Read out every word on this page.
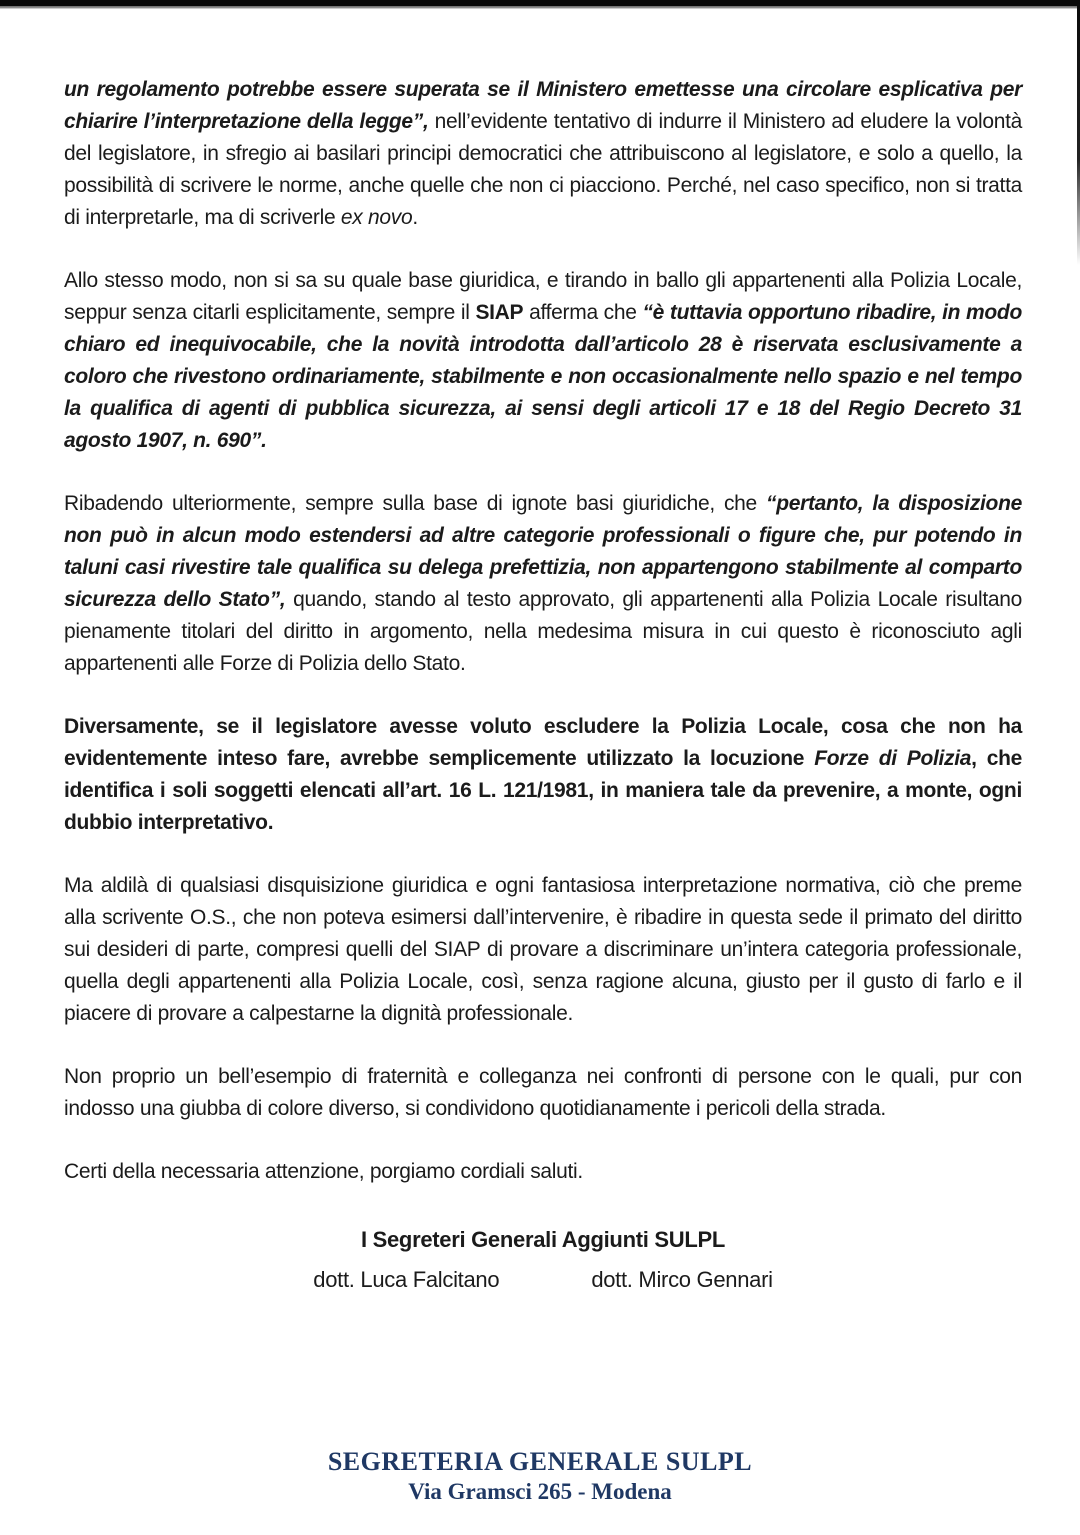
un regolamento potrebbe essere superata se il Ministero emettesse una circolare esplicativa per chiarire l’interpretazione della legge”, nell’evidente tentativo di indurre il Ministero ad eludere la volontà del legislatore, in sfregio ai basilari principi democratici che attribuiscono al legislatore, e solo a quello, la possibilità di scrivere le norme, anche quelle che non ci piacciono. Perché, nel caso specifico, non si tratta di interpretarle, ma di scriverle ex novo.

Allo stesso modo, non si sa su quale base giuridica, e tirando in ballo gli appartenenti alla Polizia Locale, seppur senza citarli esplicitamente, sempre il SIAP afferma che “è tuttavia opportuno ribadire, in modo chiaro ed inequivocabile, che la novità introdotta dall’articolo 28 è riservata esclusivamente a coloro che rivestono ordinariamente, stabilmente e non occasionalmente nello spazio e nel tempo la qualifica di agenti di pubblica sicurezza, ai sensi degli articoli 17 e 18 del Regio Decreto 31 agosto 1907, n. 690”.

Ribadendo ulteriormente, sempre sulla base di ignote basi giuridiche, che “pertanto, la disposizione non può in alcun modo estendersi ad altre categorie professionali o figure che, pur potendo in taluni casi rivestire tale qualifica su delega prefettizia, non appartengono stabilmente al comparto sicurezza dello Stato”, quando, stando al testo approvato, gli appartenenti alla Polizia Locale risultano pienamente titolari del diritto in argomento, nella medesima misura in cui questo è riconosciuto agli appartenenti alle Forze di Polizia dello Stato.

Diversamente, se il legislatore avesse voluto escludere la Polizia Locale, cosa che non ha evidentemente inteso fare, avrebbe semplicemente utilizzato la locuzione Forze di Polizia, che identifica i soli soggetti elencati all’art. 16 L. 121/1981, in maniera tale da prevenire, a monte, ogni dubbio interpretativo.

Ma aldilà di qualsiasi disquisizione giuridica e ogni fantasiosa interpretazione normativa, ciò che preme alla scrivente O.S., che non poteva esimersi dall’intervenire, è ribadire in questa sede il primato del diritto sui desideri di parte, compresi quelli del SIAP di provare a discriminare un’intera categoria professionale, quella degli appartenenti alla Polizia Locale, così, senza ragione alcuna, giusto per il gusto di farlo e il piacere di provare a calpestarne la dignità professionale.

Non proprio un bell’esempio di fraternità e colleganza nei confronti di persone con le quali, pur con indosso una giubba di colore diverso, si condividono quotidianamente i pericoli della strada.

Certi della necessaria attenzione, porgiamo cordiali saluti.

I Segreteri Generali Aggiunti SULPL
dott. Luca Falcitano	dott. Mirco Gennari
SEGRETERIA GENERALE SULPL
Via Gramsci 265 - Modena
